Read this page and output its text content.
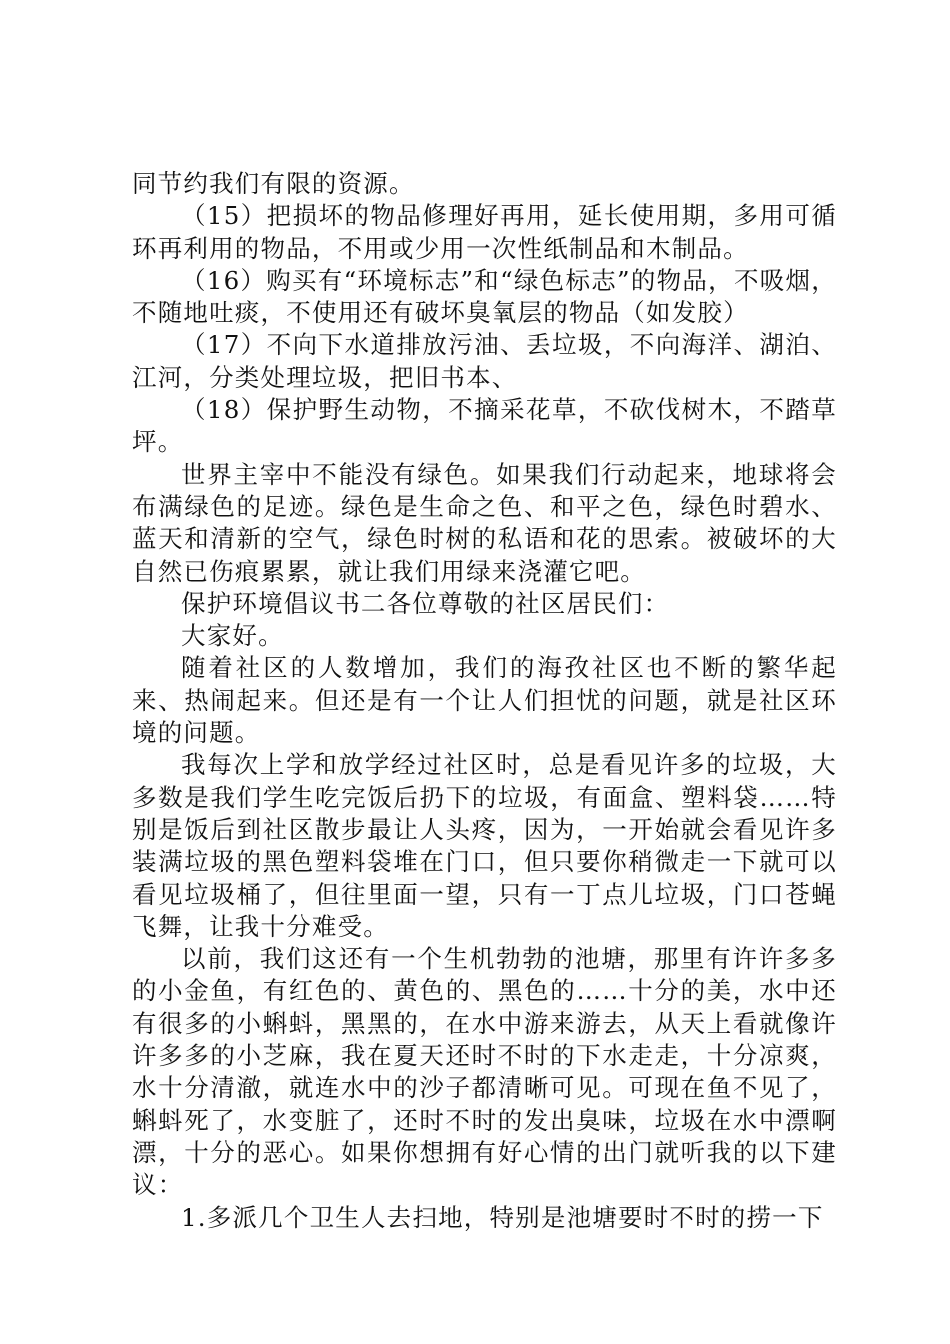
同节约我们有限的资源。

（15）把损坏的物品修理好再用，延长使用期，多用可循环再利用的物品，不用或少用一次性纸制品和木制品。

（16）购买有“环境标志”和“绿色标志”的物品，不吸烟，不随地吐痰，不使用还有破坏臭氧层的物品（如发胶）

（17）不向下水道排放污油、丢垃圾，不向海洋、湖泊、江河，分类处理垃圾，把旧书本、

（18）保护野生动物，不摘采花草，不砍伐树木，不踏草坪。

世界主宰中不能没有绿色。如果我们行动起来，地球将会布满绿色的足迹。绿色是生命之色、和平之色，绿色时碧水、蓝天和清新的空气，绿色时树的私语和花的思索。被破坏的大自然已伤痕累累，就让我们用绿来浇灌它吧。

保护环境倡议书二各位尊敬的社区居民们：

大家好。

随着社区的人数增加，我们的海孜社区也不断的繁华起来、热闹起来。但还是有一个让人们担忧的问题，就是社区环境的问题。

我每次上学和放学经过社区时，总是看见许多的垃圾，大多数是我们学生吃完饭后扔下的垃圾，有面盒、塑料袋……特别是饭后到社区散步最让人头疼，因为，一开始就会看见许多装满垃圾的黑色塑料袋堆在门口，但只要你稍微走一下就可以看见垃圾桶了，但往里面一望，只有一丁点儿垃圾，门口苍蝇飞舞，让我十分难受。

以前，我们这还有一个生机勃勃的池塘，那里有许许多多的小金鱼，有红色的、黄色的、黑色的……十分的美，水中还有很多的小蝌蚪，黑黑的，在水中游来游去，从天上看就像许许多多的小芝麻，我在夏天还时不时的下水走走，十分凉爽，水十分清澈，就连水中的沙子都清晰可见。可现在鱼不见了，蝌蚪死了，水变脏了，还时不时的发出臭味，垃圾在水中漂啊漂，十分的恶心。如果你想拥有好心情的出门就听我的以下建议：

1.多派几个卫生人去扫地，特别是池塘要时不时的捞一下
